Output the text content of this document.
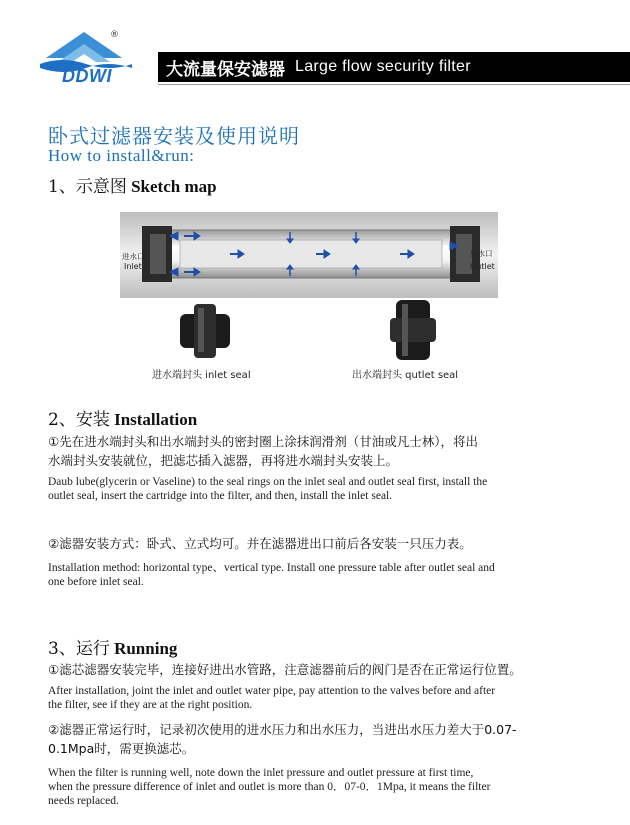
DDWI
®
大流量保安滤器 Large flow security filter
卧式过滤器安装及使用说明
How to install&run:
1、示意图 Sketch map
进水口
Inlet
出水口
Outlet
进水端封头 inlet seal	出水端封头 qutlet seal
2、安装 Installation
①先在进水端封头和出水端封头的密封圈上涂抹润滑剂（甘油或凡士林），将出
水端封头安装就位，把滤芯插入滤器，再将进水端封头安装上。
Daub lube(glycerin or Vaseline) to the seal rings on the inlet seal and outlet seal first, install the
outlet seal, insert the cartridge into the filter, and then, install the inlet seal.
②滤器安装方式：卧式、立式均可。并在滤器进出口前后各安装一只压力表。
Installation method: horizontal type、vertical type. Install one pressure table after outlet seal and
one before inlet seal.
3、运行 Running
①滤芯滤器安装完毕，连接好进出水管路，注意滤器前后的阀门是否在正常运行位置。
After installation, joint the inlet and outlet water pipe, pay attention to the valves before and after
the filter, see if they are at the right position.
②滤器正常运行时，记录初次使用的进水压力和出水压力，当进出水压力差大于0.07-
0.1Mpa时，需更换滤芯。
When the filter is running well, note down the inlet pressure and outlet pressure at first time,
when the pressure difference of inlet and outlet is more than 0．07-0．1Mpa, it means the filter
needs replaced.
